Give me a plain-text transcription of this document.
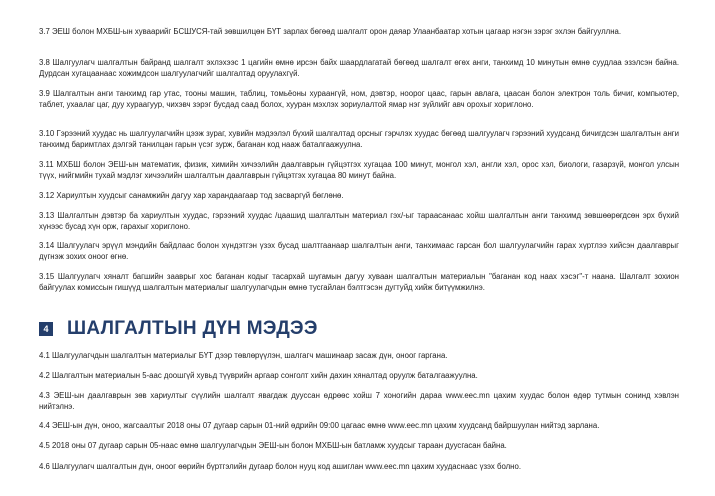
3.7 ЭЕШ болон МХБШ-ын хуваарийг БСШУСЯ-тай зөвшилцөн БҮТ зарлах бөгөөд шалгалт орон даяар Улаанбаатар хотын цагаар нэгэн зэрэг эхлэн байгууллна.

3.8 Шалгуулагч шалгалтын байранд шалгалт эхлэхээс 1 цагийн өмнө ирсэн байх шаардлагатай бөгөөд шалгалт өгөх анги, танхимд 10 минутын өмнө суудлаа эзэлсэн байна. Дурдсан хугацаанаас хожимдсон шалгуулагчийг шалгалтад оруулахгүй.

3.9 Шалгалтын анги танхимд гар утас, тооны машин, таблиц, томьёоны хураангүй, ном, дэвтэр, ноорог цаас, гарын авлага, цаасан болон электрон толь бичиг, компьютер, таблет, ухаалаг цаг, дуу хураагуур, чихэвч зэрэг бусдад саад болох, хууран мэхлэх зориулалтой ямар нэг зүйлийг авч орохыг хориглоно.

3.10 Гэрээний хуудас нь шалгуулагчийн цээж зураг, хувийн мэдээлэл бүхий шалгалтад орсныг гэрчлэх хуудас бөгөөд шалгуулагч гэрээний хуудсанд бичигдсэн шалгалтын анги танхимд баримтлах дэлгэй танилцан гарын үсэг зурж, баганан код нааж баталгаажуулна.

3.11 МХБШ болон ЭЕШ-ын математик, физик, химийн хичээлийн даалгаврын гүйцэтгэх хугацаа 100 минут, монгол хэл, англи хэл, орос хэл, биологи, газарзүй, монгол улсын түүх, нийгмийн тухай мэдлэг хичээлийн шалгалтын даалгаврын гүйцэтгэх хугацаа 80 минут байна.

3.12 Хариултын хуудсыг санамжийн дагуу хар харандаагаар тод засваргүй бөглөнө.

3.13 Шалгалтын дэвтэр ба хариултын хуудас, гэрээний хуудас /цаашид шалгалтын материал гэх/-ыг тараасанаас хойш шалгалтын анги танхимд зөвшөөрөгдсөн эрх бүхий хүнээс бусад хүн орж, гарахыг хориглоно.

3.14 Шалгуулагч эрүүл мэндийн байдлаас болон хүндэтгэн үзэх бусад шалтгаанаар шалгалтын анги, танхимаас гарсан бол шалгуулагчийн гарах хүртлээ хийсэн даалгаврыг дүгнэж зохих оноог өгнө.

3.15 Шалгуулагч хяналт багшийн зааврыг хос баганан кодыг тасархай шугамын дагуу хуваан шалгалтын материалын "баганан код наах хэсэг"-т наана. Шалгалт зохион байгуулах комиссын гишүүд шалгалтын материалыг шалгуулагчдын өмнө тусгайлан бэлтгэсэн дугтуйд хийж битүүмжилнэ.

4 ШАЛГАЛТЫН ДҮН МЭДЭЭ

4.1 Шалгуулагчдын шалгалтын материалыг БҮТ дээр төвлөрүүлэн, шалгагч машинаар засаж дүн, оноог гаргана.

4.2 Шалгалтын материалын 5-аас доошгүй хувьд түүврийн аргаар сонголт хийн дахин хяналтад оруулж баталгаажуулна.

4.3 ЭЕШ-ын даалгаврын зөв хариултыг сүүлийн шалгалт явагдаж дууссан өдрөөс хойш 7 хоногийн дараа www.eec.mn цахим хуудас болон өдөр тутмын сонинд хэвлэн нийтэлнэ.

4.4 ЭЕШ-ын дүн, оноо, жагсаалтыг 2018 оны 07 дугаар сарын 01-ний өдрийн 09:00 цагаас өмнө www.eec.mn цахим хуудсанд байршуулан нийтэд зарлана.

4.5 2018 оны 07 дугаар сарын 05-наас өмнө шалгуулагчдын ЭЕШ-ын болон МХБШ-ын батламж хуудсыг тараан дуусгасан байна.

4.6 Шалгуулагч шалгалтын дүн, оноог өөрийн бүртгэлийн дугаар болон нууц код ашиглан www.eec.mn цахим хуудаснаас үзэх болно.
